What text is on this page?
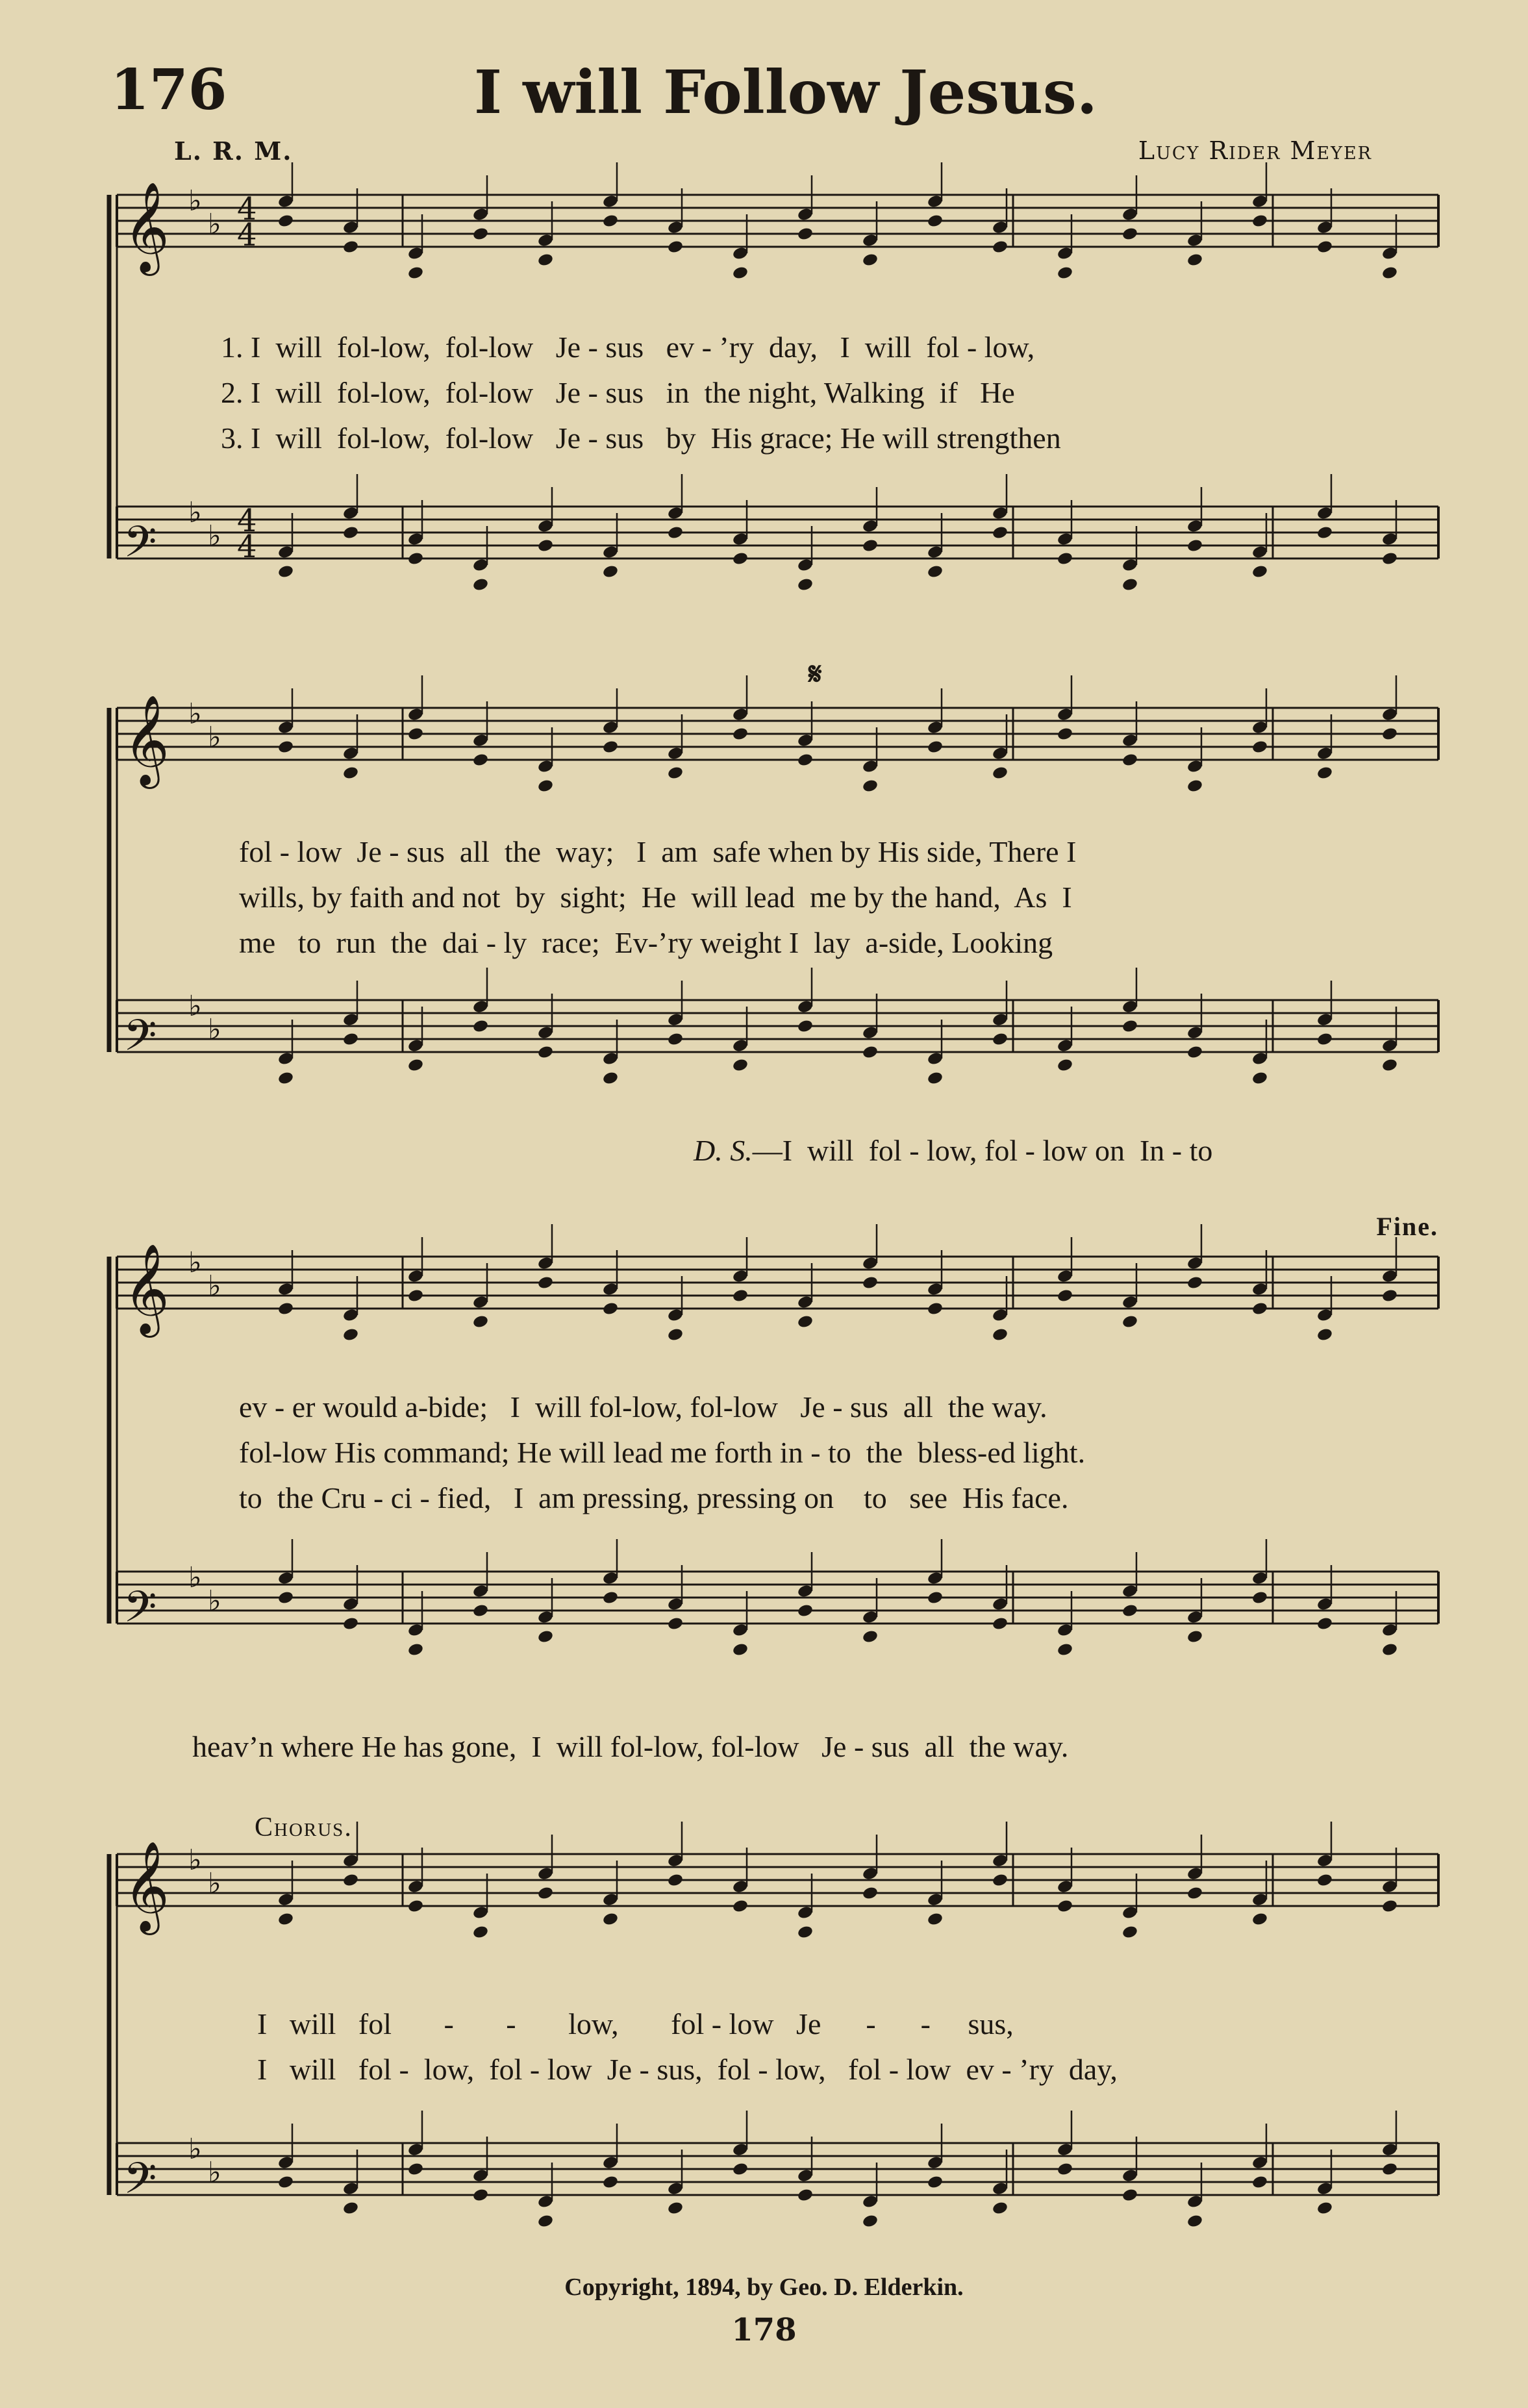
176	I will Follow Jesus.
L. R. M.	Lucy Rider Meyer
𝄞 ♭
♭
𝄢
♭
♭
𝄞 ♭
♭
𝄢
♭
♭
𝄞 ♭
♭
𝄢
♭
♭
𝄞 ♭
♭
𝄢
♭
♭
4
4
4
4
1. I  will  fol-low,  fol-low   Je - sus   ev - ’ry  day,   I  will  fol - low,
2. I  will  fol-low,  fol-low   Je - sus   in  the night, Walking  if   He
3. I  will  fol-low,  fol-low   Je - sus   by  His grace; He will strengthen
𝄋
fol - low  Je - sus  all  the  way;   I  am  safe when by His side, There I
wills, by faith and not  by  sight;  He  will lead  me by the hand,  As  I
me   to  run  the  dai - ly  race;  Ev-’ry weight I  lay  a-side, Looking
D. S.—I  will  fol - low, fol - low on  In - to
Fine.
ev - er would a-bide;   I  will fol-low, fol-low   Je - sus  all  the way.
fol-low His command; He will lead me forth in - to  the  bless-ed light.
to  the Cru - ci - fied,   I  am pressing, pressing on    to   see  His face.
heav’n where He has gone,  I  will fol-low, fol-low   Je - sus  all  the way.
Chorus.
I   will   fol       -       -       low,       fol - low   Je      -      -     sus,
I   will   fol -  low,  fol - low  Je - sus,  fol - low,   fol - low  ev - ’ry  day,
Copyright, 1894, by Geo. D. Elderkin.
178
